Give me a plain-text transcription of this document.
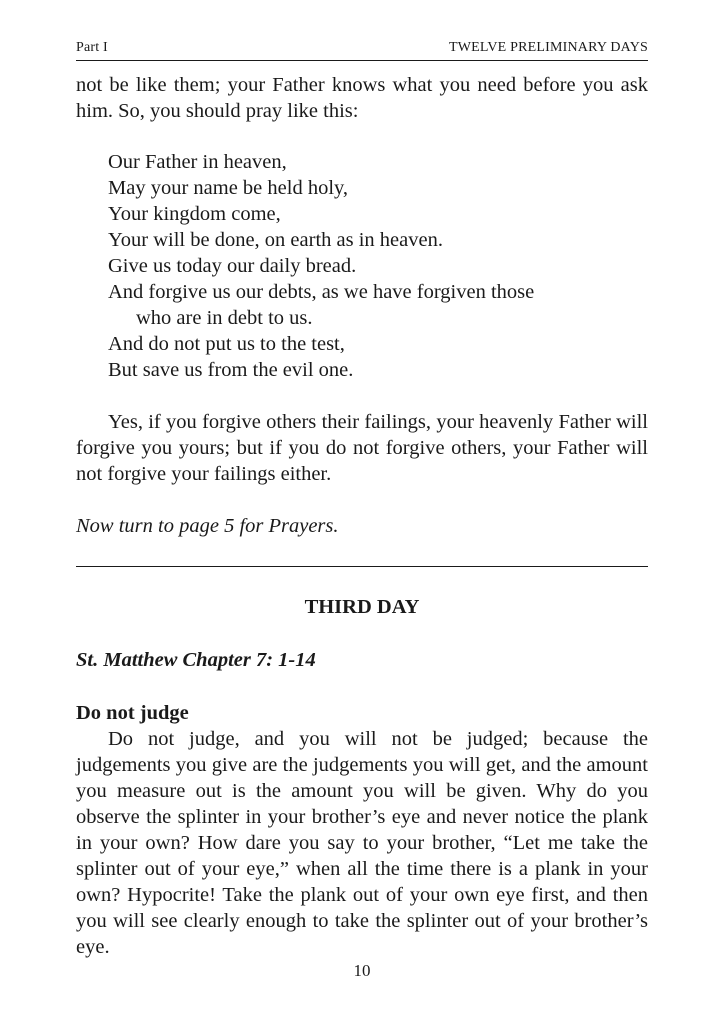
Part I	TWELVE PRELIMINARY DAYS

not be like them; your Father knows what you need before you ask him. So, you should pray like this:

Our Father in heaven,
May your name be held holy,
Your kingdom come,
Your will be done, on earth as in heaven.
Give us today our daily bread.
And forgive us our debts, as we have forgiven those
who are in debt to us.
And do not put us to the test,
But save us from the evil one.

Yes, if you forgive others their failings, your heavenly Father will forgive you yours; but if you do not forgive others, your Father will not forgive your failings either.

Now turn to page 5 for Prayers.

THIRD DAY
St. Matthew Chapter 7: 1-14
Do not judge

Do not judge, and you will not be judged; because the judgements you give are the judgements you will get, and the amount you measure out is the amount you will be given. Why do you observe the splinter in your brother’s eye and never notice the plank in your own? How dare you say to your brother, “Let me take the splinter out of your eye,” when all the time there is a plank in your own? Hypocrite! Take the plank out of your own eye first, and then you will see clearly enough to take the splinter out of your brother’s eye.

10
